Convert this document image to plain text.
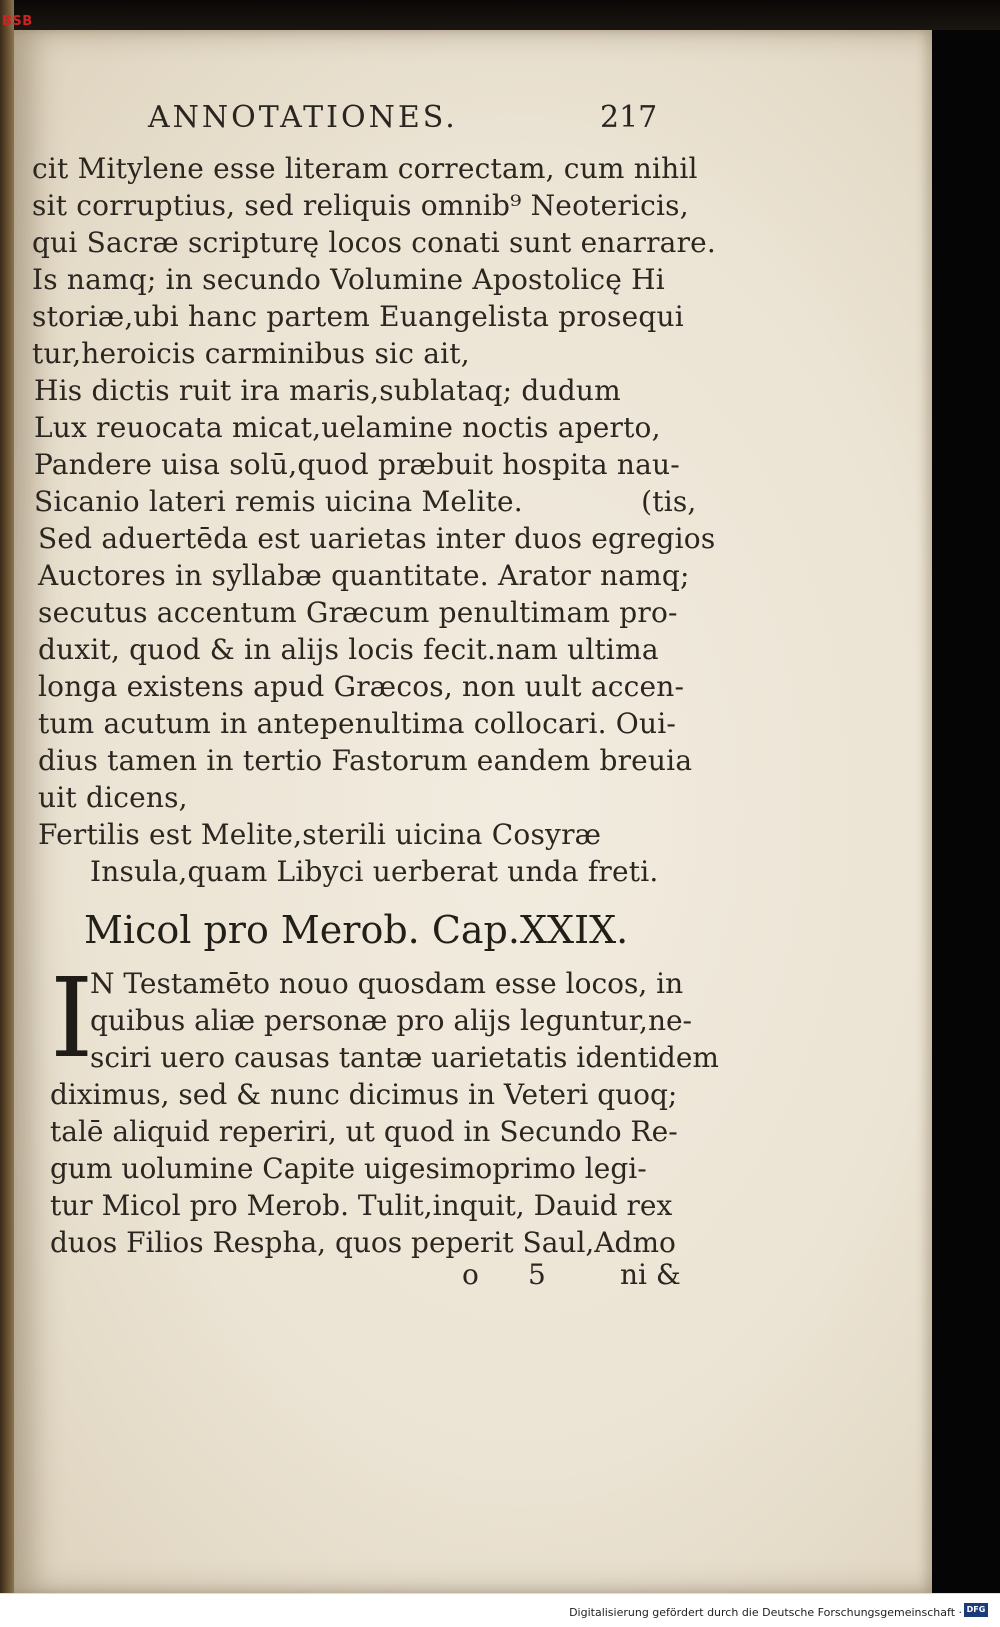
BSB
ANNOTATIONES.	217
cit Mitylene esse literam correctam, cum nihil
sit corruptius, sed reliquis omnib⁹ Neotericis,
qui Sacræ scripturę locos conati sunt enarrare.
Is namq; in secundo Volumine Apostolicę Hi
storiæ,ubi hanc partem Euangelista prosequi
tur,heroicis carminibus sic ait,
His dictis ruit ira maris,sublataq; dudum
Lux reuocata micat,uelamine noctis aperto,
Pandere uisa solū,quod præbuit hospita nau-
Sicanio lateri remis uicina Melite.             (tis,
Sed aduertēda est uarietas inter duos egregios
Auctores in syllabæ quantitate. Arator namq;
secutus accentum Græcum penultimam pro-
duxit, quod & in alijs locis fecit.nam ultima
longa existens apud Græcos, non uult accen-
tum acutum in antepenultima collocari. Oui-
dius tamen in tertio Fastorum eandem breuia
uit dicens,
Fertilis est Melite,sterili uicina Cosyræ
Insula,quam Libyci uerberat unda freti.
Micol pro Merob. Cap.XXIX.
I
N Testamēto nouo quosdam esse locos, in
quibus aliæ personæ pro alijs leguntur,ne-
sciri uero causas tantæ uarietatis identidem
diximus, sed & nunc dicimus in Veteri quoq;
talē aliquid reperiri, ut quod in Secundo Re-
gum uolumine Capite uigesimoprimo legi-
tur Micol pro Merob. Tulit,inquit, Dauid rex
duos Filios Respha, quos peperit Saul,Admo
o 5	ni &
Digitalisierung gefördert durch die Deutsche Forschungsgemeinschaft · DFG
